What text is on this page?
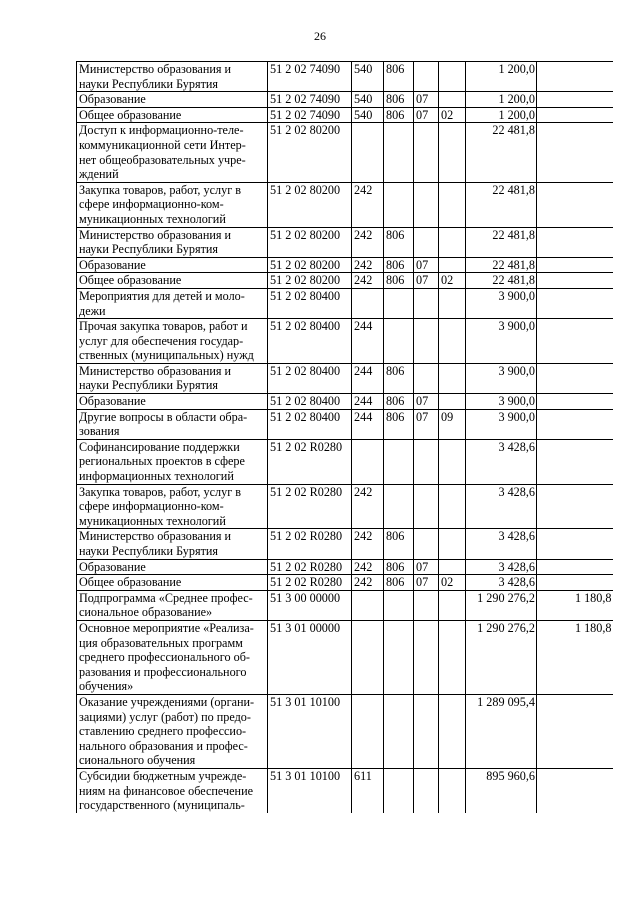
26
Министерство образования и
науки Республики Бурятия	51 2 02 74090	540	806			1 200,0	

Образование	51 2 02 74090	540	806	07		1 200,0	

Общее образование	51 2 02 74090	540	806	07	02	1 200,0	

Доступ к информационно-теле-
коммуникационной сети Интер-
нет общеобразовательных учре-
ждений	51 2 02 80200					22 481,8	

Закупка товаров, работ, услуг в
сфере информационно-ком-
муникационных технологий	51 2 02 80200	242				22 481,8	

Министерство образования и
науки Республики Бурятия	51 2 02 80200	242	806			22 481,8	

Образование	51 2 02 80200	242	806	07		22 481,8	

Общее образование	51 2 02 80200	242	806	07	02	22 481,8	

Мероприятия для детей и моло-
дежи	51 2 02 80400					3 900,0	

Прочая закупка товаров, работ и
услуг для обеспечения государ-
ственных (муниципальных) нужд	51 2 02 80400	244				3 900,0	

Министерство образования и
науки Республики Бурятия	51 2 02 80400	244	806			3 900,0	

Образование	51 2 02 80400	244	806	07		3 900,0	

Другие вопросы в области обра-
зования	51 2 02 80400	244	806	07	09	3 900,0	

Софинансирование поддержки
региональных проектов в сфере
информационных технологий	51 2 02 R0280					3 428,6	

Закупка товаров, работ, услуг в
сфере информационно-ком-
муникационных технологий	51 2 02 R0280	242				3 428,6	

Министерство образования и
науки Республики Бурятия	51 2 02 R0280	242	806			3 428,6	

Образование	51 2 02 R0280	242	806	07		3 428,6	

Общее образование	51 2 02 R0280	242	806	07	02	3 428,6	

Подпрограмма «Среднее профес-
сиональное образование»	51 3 00 00000					1 290 276,2	1 180,8

Основное мероприятие «Реализа-
ция образовательных программ
среднего профессионального об-
разования и профессионального
обучения»	51 3 01 00000					1 290 276,2	1 180,8

Оказание учреждениями (органи-
зациями) услуг (работ) по предо-
ставлению среднего профессио-
нального образования и профес-
сионального обучения	51 3 01 10100					1 289 095,4	

Субсидии бюджетным учрежде-
ниям на финансовое обеспечение
государственного (муниципаль-	51 3 01 10100	611				895 960,6	
